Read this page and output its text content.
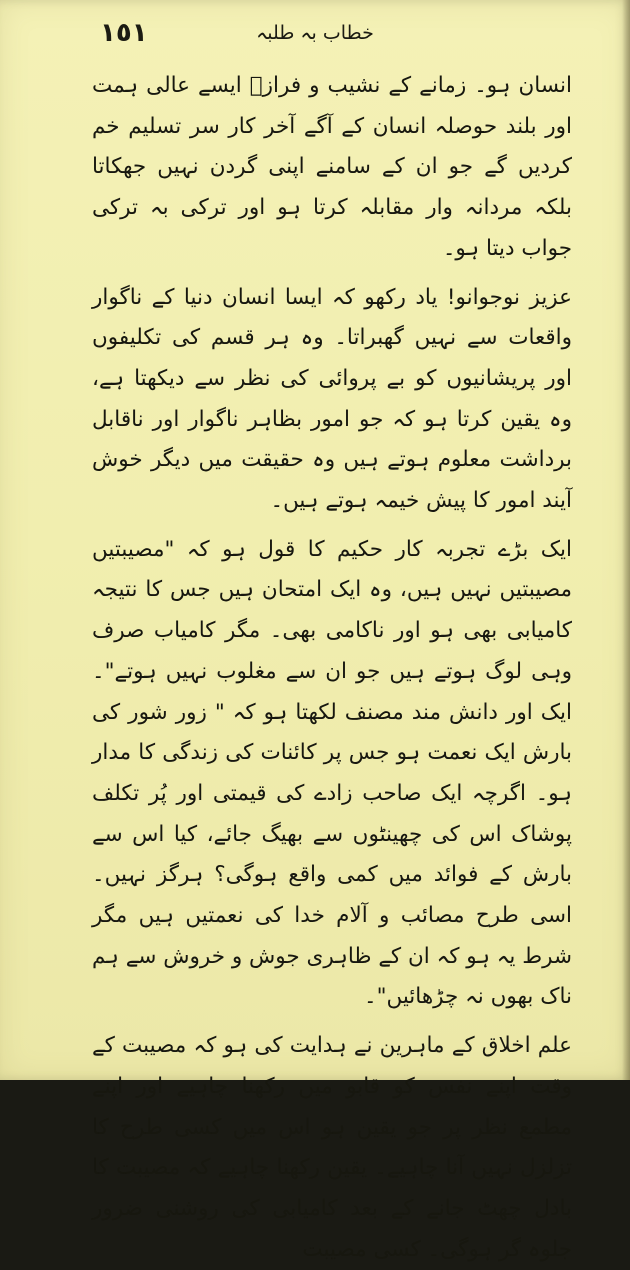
١٥١	خطاب بہ طلبہ

انسان ہو۔ زمانے کے نشیب و فرازؔ ایسے عالی ہمت اور بلند حوصلہ انسان کے آگے آخر کار سر تسلیم خم کردیں گے جو ان کے سامنے اپنی گردن نہیں جھکاتا بلکہ مردانہ وار مقابلہ کرتا ہو اور ترکی بہ ترکی جواب دیتا ہو۔

عزیز نوجوانو! یاد رکھو کہ ایسا انسان دنیا کے ناگوار واقعات سے نہیں گھبراتا۔ وہ ہر قسم کی تکلیفوں اور پریشانیوں کو بے پروائی کی نظر سے دیکھتا ہے، وہ یقین کرتا ہو کہ جو امور بظاہر ناگوار اور ناقابل برداشت معلوم ہوتے ہیں وہ حقیقت میں دیگر خوش آیند امور کا پیش خیمہ ہوتے ہیں۔

ایک بڑے تجربہ کار حکیم کا قول ہو کہ "مصیبتیں مصیبتیں نہیں ہیں، وہ ایک امتحان ہیں جس کا نتیجہ کامیابی بھی ہو اور ناکامی بھی۔ مگر کامیاب صرف وہی لوگ ہوتے ہیں جو ان سے مغلوب نہیں ہوتے"۔ ایک اور دانش مند مصنف لکھتا ہو کہ " زور شور کی بارش ایک نعمت ہو جس پر کائنات کی زندگی کا مدار ہو۔ اگرچہ ایک صاحب زادے کی قیمتی اور پُر تکلف پوشاک اس کی چھینٹوں سے بھیگ جائے، کیا اس سے بارش کے فوائد میں کمی واقع ہوگی؟ ہرگز نہیں۔ اسی طرح مصائب و آلام خدا کی نعمتیں ہیں مگر شرط یہ ہو کہ ان کے ظاہری جوش و خروش سے ہم ناک بھوں نہ چڑھائیں"۔

علم اخلاق کے ماہرین نے ہدایت کی ہو کہ مصیبت کے وقت اپنے نفس کو قابو میں رکھنا چاہیے اور اپنے مطمع نظر پر جو یقین ہو اس میں کسی طرح کا تزلزل نہیں آنا چاہیے۔ یقین رکھنا چاہیے کہ مصیبت کا بادل چھٹ جانے کے بعد کامیابی کی روشنی ضرور جلوہ گر ہوگی۔ کسی مصیبت
